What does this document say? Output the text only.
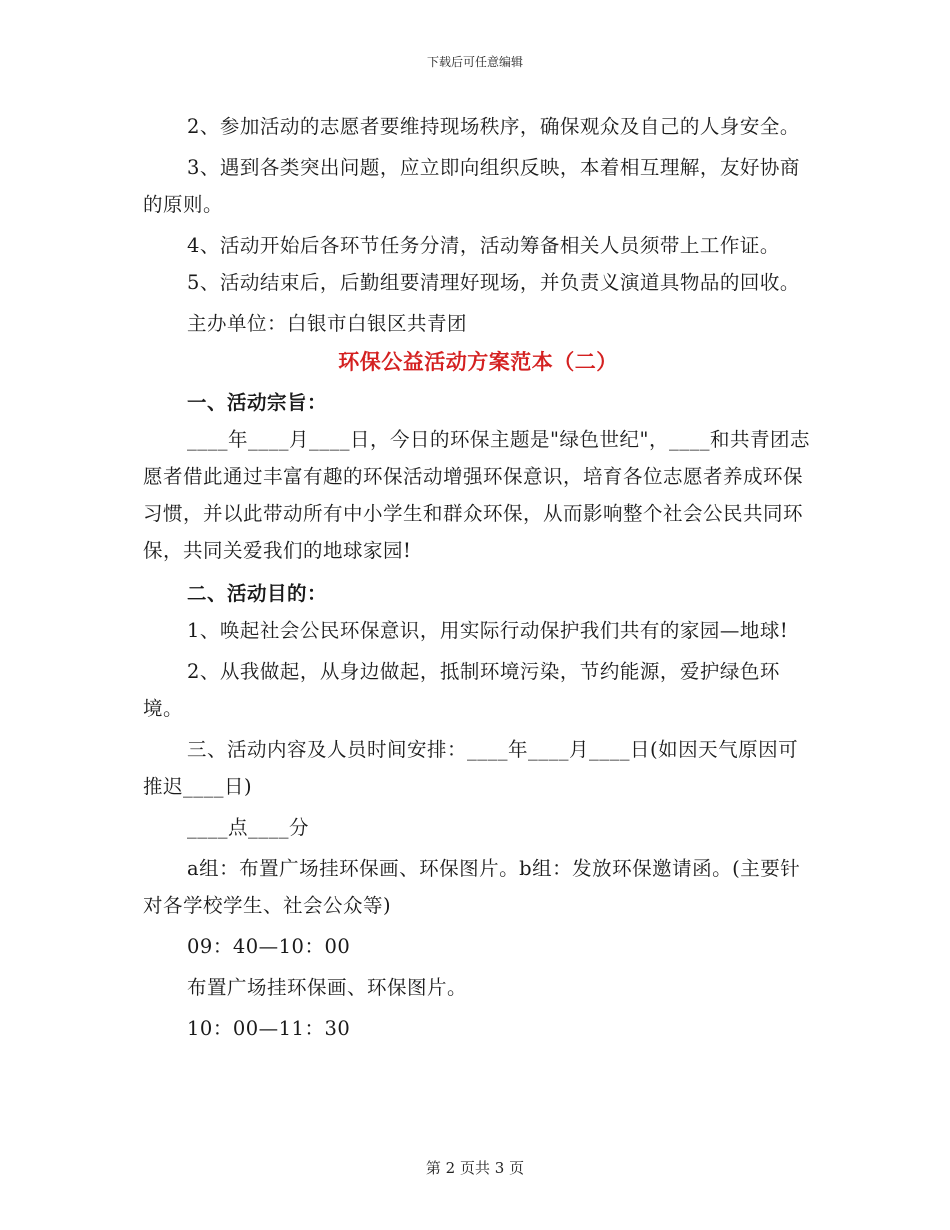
下载后可任意编辑

2、参加活动的志愿者要维持现场秩序，确保观众及自己的人身安全。

3、遇到各类突出问题，应立即向组织反映，本着相互理解，友好协商的原则。

4、活动开始后各环节任务分清，活动筹备相关人员须带上工作证。

5、活动结束后，后勤组要清理好现场，并负责义演道具物品的回收。

主办单位：白银市白银区共青团

环保公益活动方案范本（二）

一、活动宗旨：

____年____月____日，今日的环保主题是"绿色世纪"，____和共青团志愿者借此通过丰富有趣的环保活动增强环保意识，培育各位志愿者养成环保习惯，并以此带动所有中小学生和群众环保，从而影响整个社会公民共同环保，共同关爱我们的地球家园!

二、活动目的：

1、唤起社会公民环保意识，用实际行动保护我们共有的家园—地球!

2、从我做起，从身边做起，抵制环境污染，节约能源，爱护绿色环境。

三、活动内容及人员时间安排：____年____月____日(如因天气原因可推迟____日)

____点____分

a组：布置广场挂环保画、环保图片。b组：发放环保邀请函。(主要针对各学校学生、社会公众等)

09：40—10：00

布置广场挂环保画、环保图片。

10：00—11：30

第 2 页共 3 页
